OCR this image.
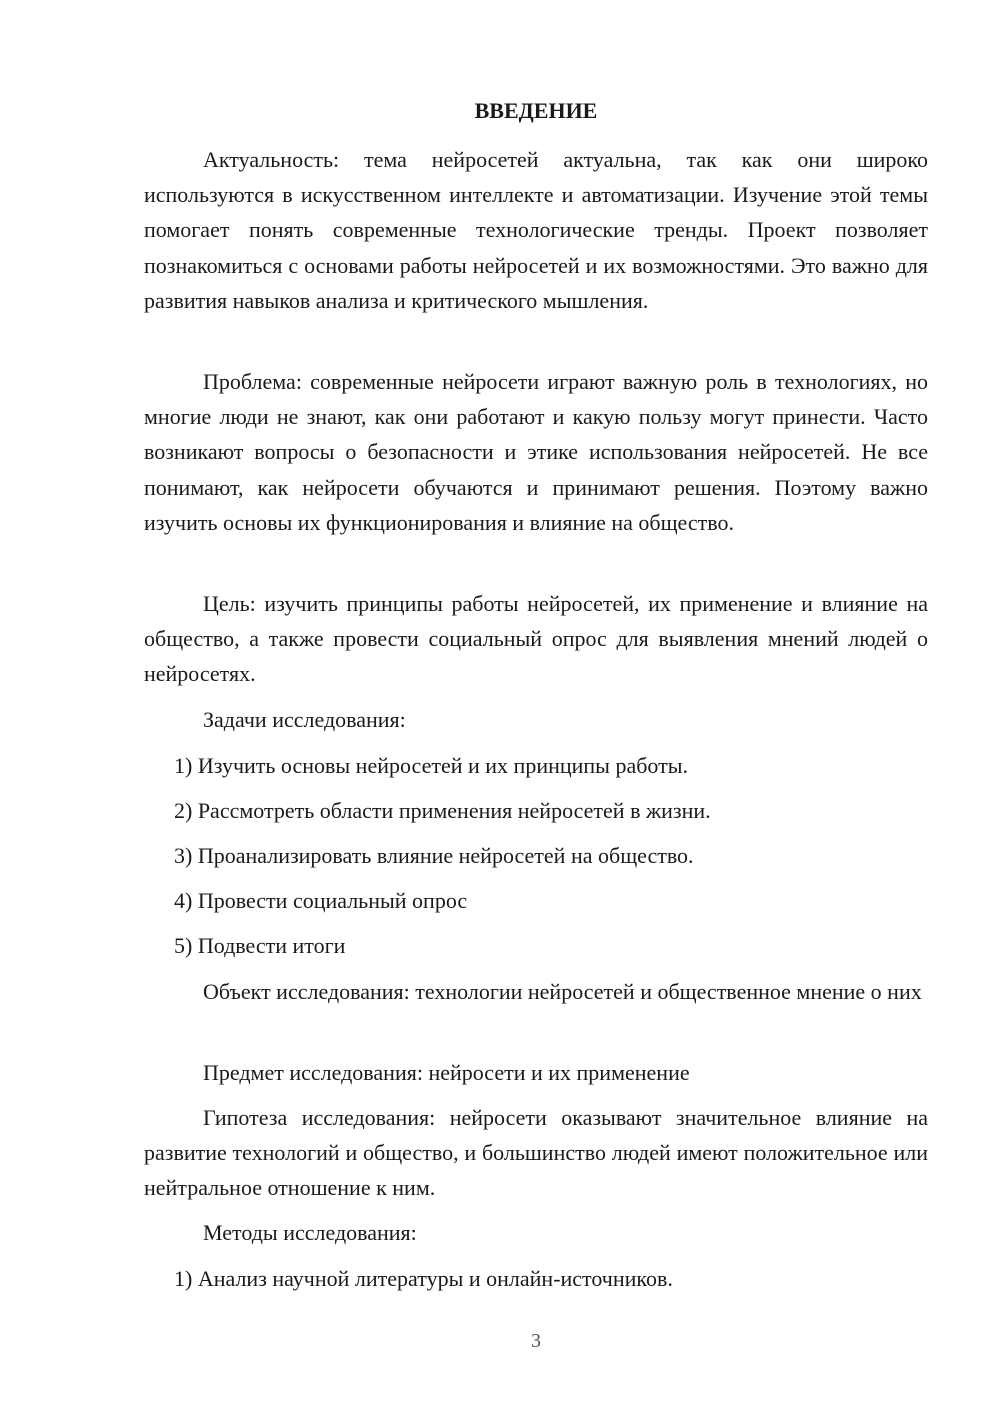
ВВЕДЕНИЕ

Актуальность: тема нейросетей актуальна, так как они широко используются в искусственном интеллекте и автоматизации. Изучение этой темы помогает понять современные технологические тренды. Проект позволяет познакомиться с основами работы нейросетей и их возможностями. Это важно для развития навыков анализа и критического мышления.

Проблема: современные нейросети играют важную роль в технологиях, но многие люди не знают, как они работают и какую пользу могут принести. Часто возникают вопросы о безопасности и этике использования нейросетей. Не все понимают, как нейросети обучаются и принимают решения. Поэтому важно изучить основы их функционирования и влияние на общество.

Цель: изучить принципы работы нейросетей, их применение и влияние на общество, а также провести социальный опрос для выявления мнений людей о нейросетях.

Задачи исследования:
1) Изучить основы нейросетей и их принципы работы.
2) Рассмотреть области применения нейросетей в жизни.
3) Проанализировать влияние нейросетей на общество.
4) Провести социальный опрос
5) Подвести итоги

Объект исследования: технологии нейросетей и общественное мнение о них

Предмет исследования: нейросети и их применение

Гипотеза исследования: нейросети оказывают значительное влияние на развитие технологий и общество, и большинство людей имеют положительное или нейтральное отношение к ним.

Методы исследования:
1) Анализ научной литературы и онлайн-источников.
3
